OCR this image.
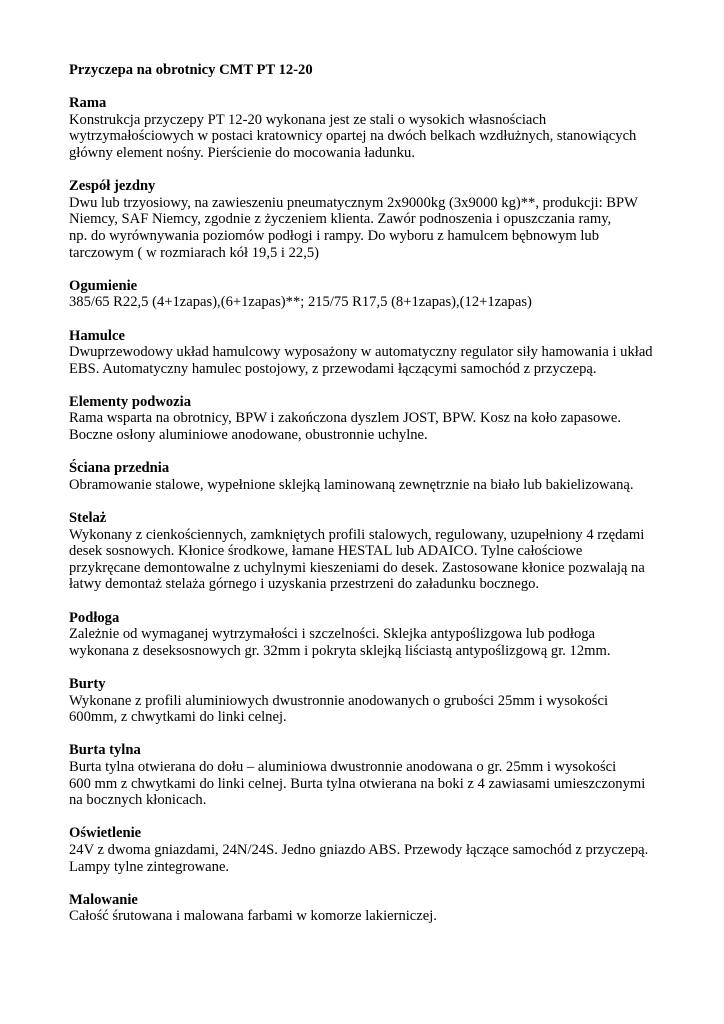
Przyczepa na obrotnicy CMT PT 12-20
Rama
Konstrukcja przyczepy PT 12-20 wykonana jest ze stali o wysokich własnościach
wytrzymałościowych w postaci kratownicy opartej na dwóch belkach wzdłużnych, stanowiących
główny element nośny. Pierścienie do mocowania ładunku.
Zespół jezdny
Dwu lub trzyosiowy, na zawieszeniu pneumatycznym 2x9000kg (3x9000 kg)**, produkcji: BPW
Niemcy, SAF Niemcy, zgodnie z życzeniem klienta. Zawór podnoszenia i opuszczania ramy,
np. do wyrównywania poziomów podłogi i rampy. Do wyboru z hamulcem bębnowym lub
tarczowym ( w rozmiarach kół 19,5 i 22,5)
Ogumienie
385/65 R22,5 (4+1zapas),(6+1zapas)**; 215/75 R17,5 (8+1zapas),(12+1zapas)
Hamulce
Dwuprzewodowy układ hamulcowy wyposażony w automatyczny regulator siły hamowania i układ
EBS. Automatyczny hamulec postojowy, z przewodami łączącymi samochód z przyczepą.
Elementy podwozia
Rama wsparta na obrotnicy, BPW i zakończona dyszlem JOST, BPW. Kosz na koło zapasowe.
Boczne osłony aluminiowe anodowane, obustronnie uchylne.
Ściana przednia
Obramowanie stalowe, wypełnione sklejką laminowaną zewnętrznie na biało lub bakielizowaną.
Stelaż
Wykonany z cienkościennych, zamkniętych profili stalowych, regulowany, uzupełniony 4 rzędami
desek sosnowych. Kłonice środkowe, łamane HESTAL lub ADAICO. Tylne całościowe
przykręcane demontowalne z uchylnymi kieszeniami do desek. Zastosowane kłonice pozwalają na
łatwy demontaż stelaża górnego i uzyskania przestrzeni do załadunku bocznego.
Podłoga
Zależnie od wymaganej wytrzymałości i szczelności. Sklejka antypoślizgowa lub podłoga
wykonana z deseksosnowych gr. 32mm i pokryta sklejką liściastą antypoślizgową gr. 12mm.
Burty
Wykonane z profili aluminiowych dwustronnie anodowanych o grubości 25mm i wysokości
600mm, z chwytkami do linki celnej.
Burta tylna
Burta tylna otwierana do dołu – aluminiowa dwustronnie anodowana o gr. 25mm i wysokości
600 mm z chwytkami do linki celnej. Burta tylna otwierana na boki z 4 zawiasami umieszczonymi
na bocznych kłonicach.
Oświetlenie
24V z dwoma gniazdami, 24N/24S. Jedno gniazdo ABS. Przewody łączące samochód z przyczepą.
Lampy tylne zintegrowane.
Malowanie
Całość śrutowana i malowana farbami w komorze lakierniczej.
